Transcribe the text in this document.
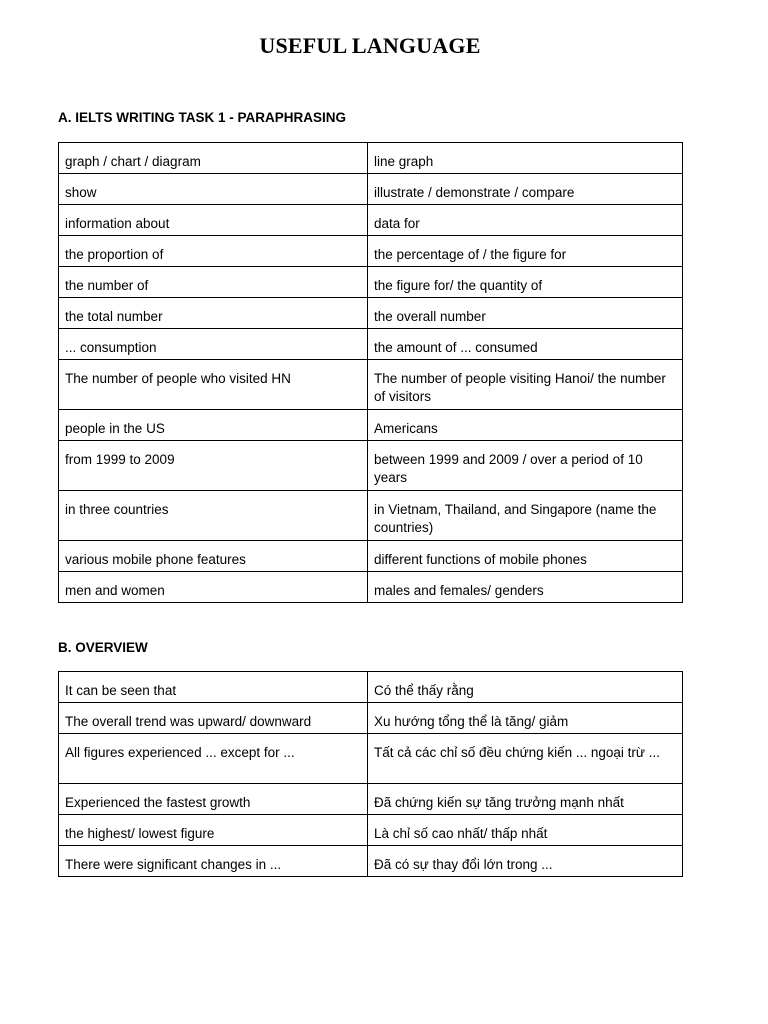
USEFUL LANGUAGE
A. IELTS WRITING TASK 1 - PARAPHRASING
graph / chart / diagram	line graph
show	illustrate / demonstrate / compare
information about	data for
the proportion of	the percentage of / the figure for
the number of	the figure for/ the quantity of
the total number	the overall number
... consumption	the amount of ... consumed
The number of people who visited HN	The number of people visiting Hanoi/ the number of visitors
people in the US	Americans
from 1999 to 2009	between 1999 and 2009 / over a period of 10 years
in three countries	in Vietnam, Thailand, and Singapore (name the countries)
various mobile phone features	different functions of mobile phones
men and women	males and females/ genders
B. OVERVIEW
It can be seen that	Có thể thấy rằng
The overall trend was upward/ downward	Xu hướng tổng thể là tăng/ giảm
All figures experienced ... except for ...	Tất cả các chỉ số đều chứng kiến ... ngoại trừ ...
Experienced the fastest growth	Đã chứng kiến sự tăng trưởng mạnh nhất
the highest/ lowest figure	Là chỉ số cao nhất/ thấp nhất
There were significant changes in ...	Đã có sự thay đổi lớn trong ...
